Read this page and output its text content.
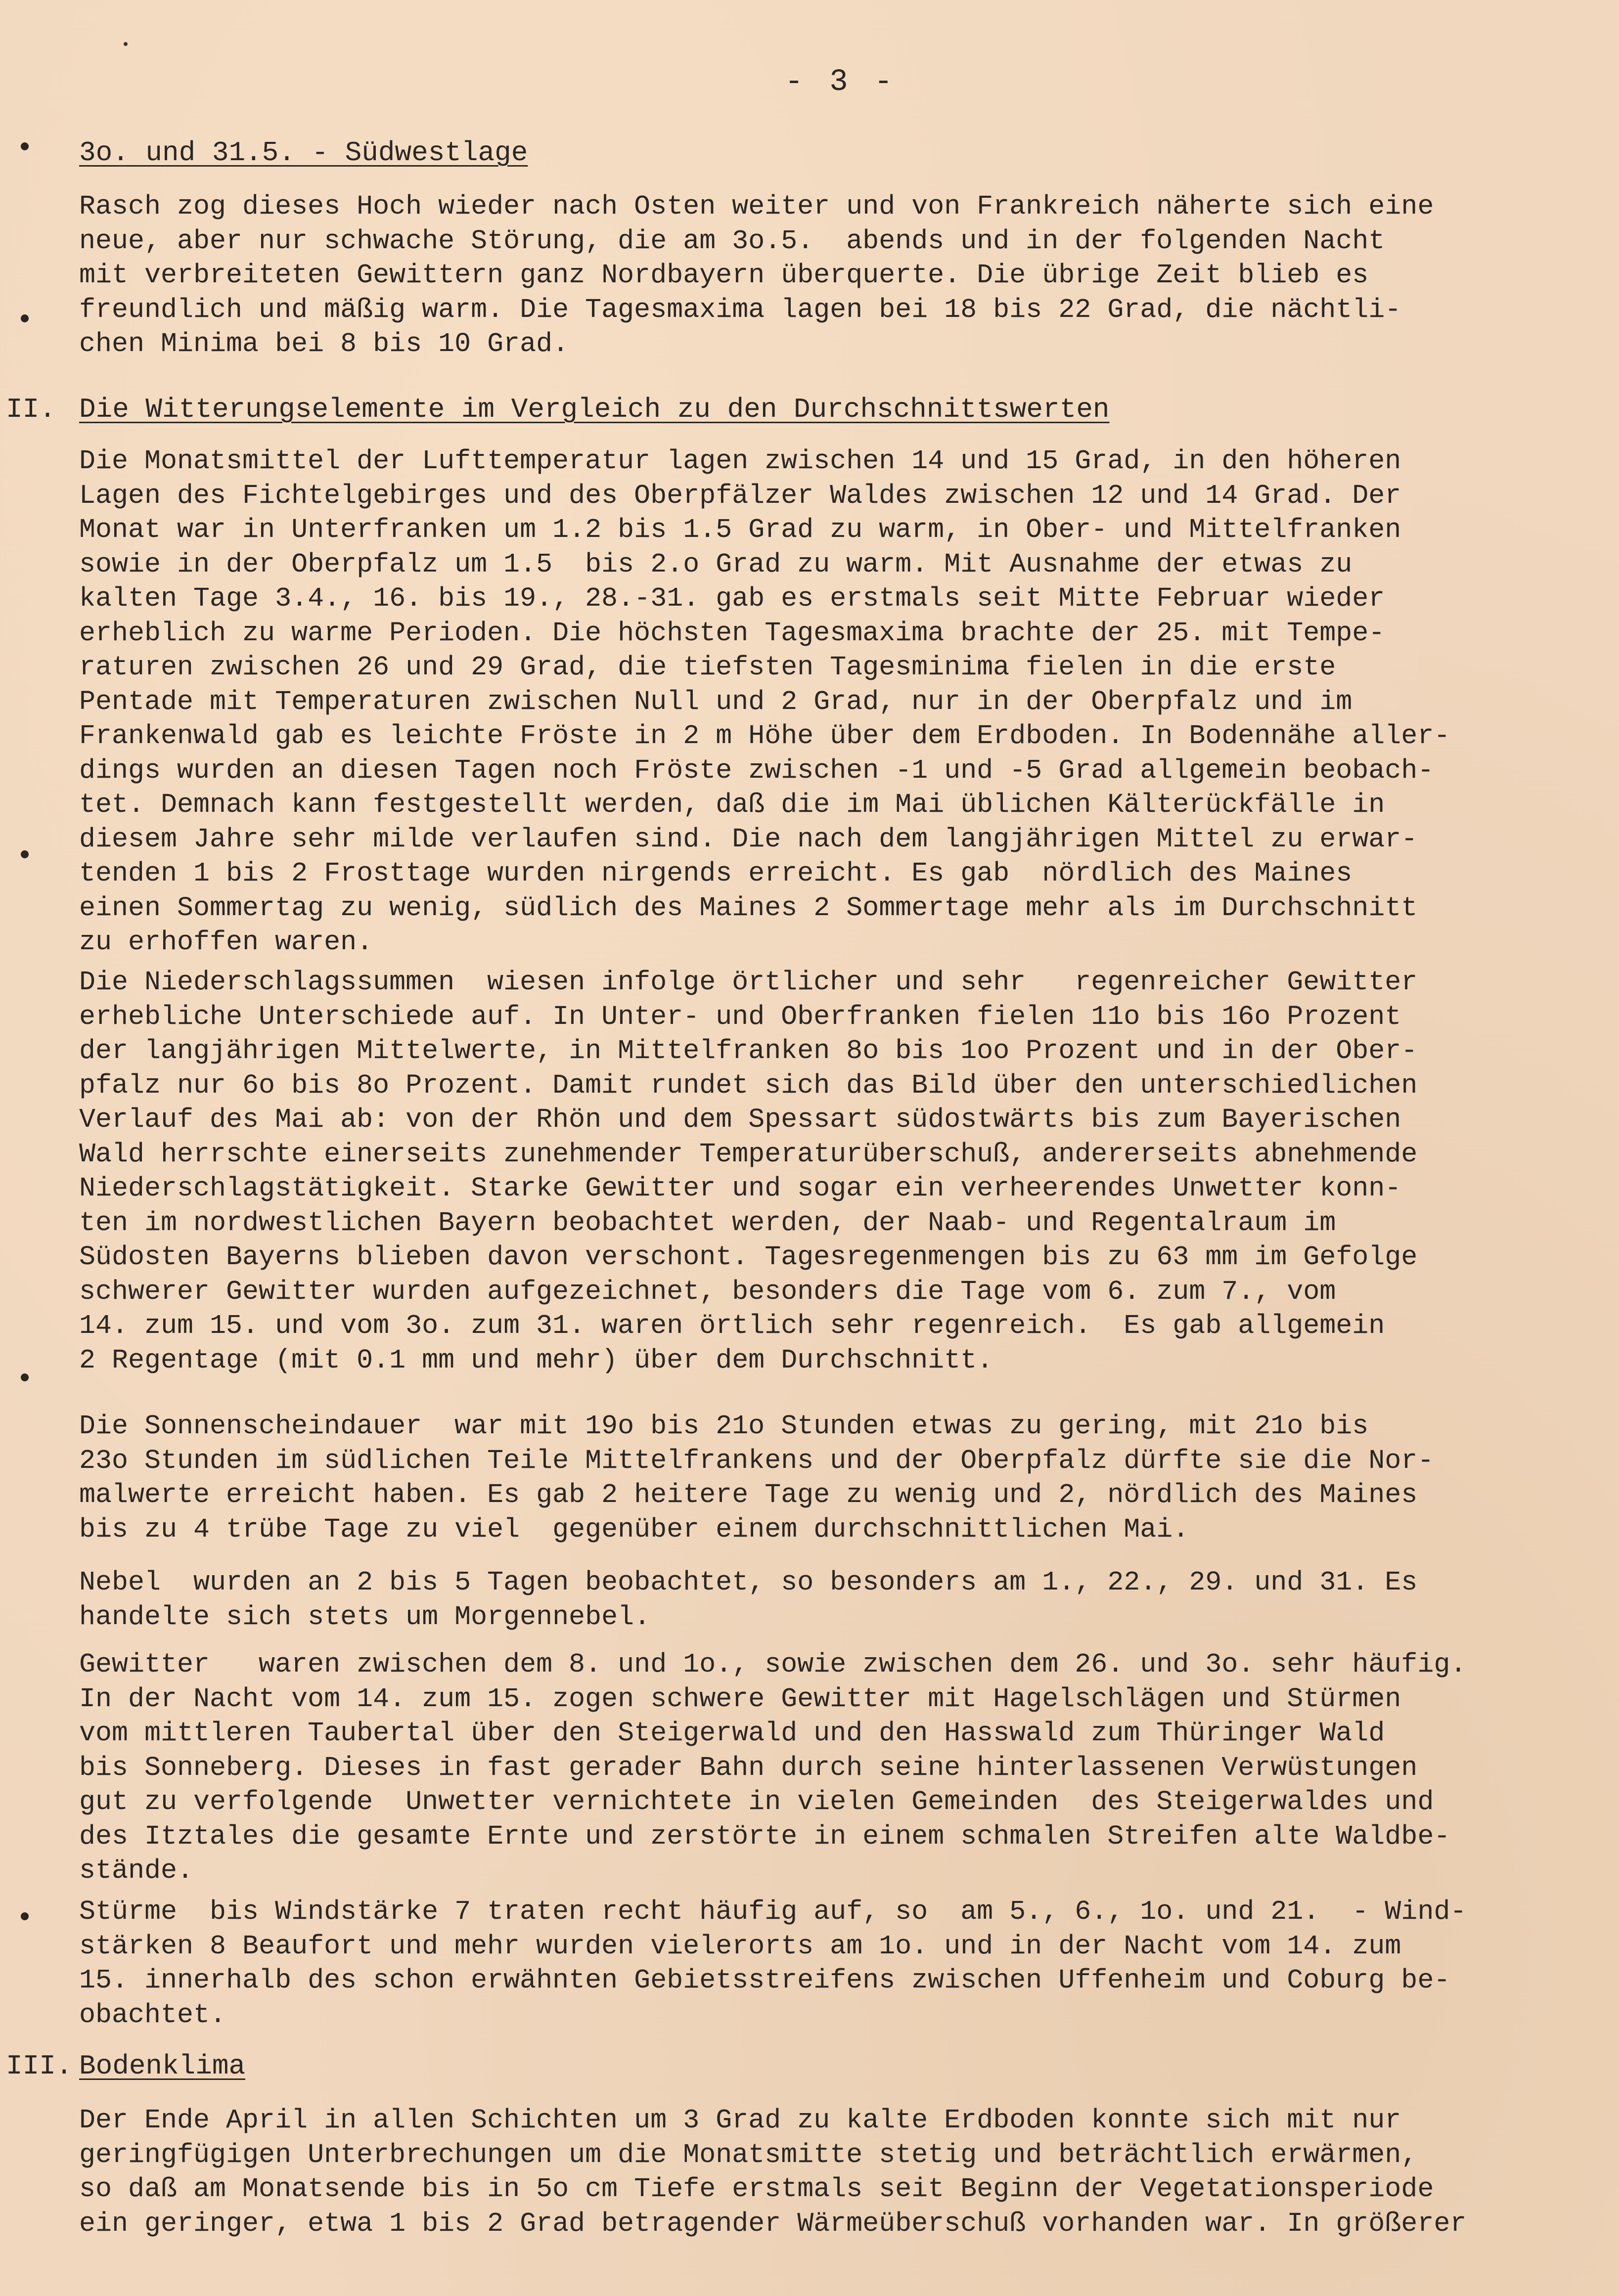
- 3 -
3o. und 31.5. - Südwestlage
Rasch zog dieses Hoch wieder nach Osten weiter und von Frankreich näherte sich eine
neue, aber nur schwache Störung, die am 3o.5.  abends und in der folgenden Nacht
mit verbreiteten Gewittern ganz Nordbayern überquerte. Die übrige Zeit blieb es
freundlich und mäßig warm. Die Tagesmaxima lagen bei 18 bis 22 Grad, die nächtli-
chen Minima bei 8 bis 10 Grad.
II. Die Witterungselemente im Vergleich zu den Durchschnittswerten
Die Monatsmittel der Lufttemperatur lagen zwischen 14 und 15 Grad, in den höheren
Lagen des Fichtelgebirges und des Oberpfälzer Waldes zwischen 12 und 14 Grad. Der
Monat war in Unterfranken um 1.2 bis 1.5 Grad zu warm, in Ober- und Mittelfranken
sowie in der Oberpfalz um 1.5  bis 2.o Grad zu warm. Mit Ausnahme der etwas zu
kalten Tage 3.4., 16. bis 19., 28.-31. gab es erstmals seit Mitte Februar wieder
erheblich zu warme Perioden. Die höchsten Tagesmaxima brachte der 25. mit Tempe-
raturen zwischen 26 und 29 Grad, die tiefsten Tagesminima fielen in die erste
Pentade mit Temperaturen zwischen Null und 2 Grad, nur in der Oberpfalz und im
Frankenwald gab es leichte Fröste in 2 m Höhe über dem Erdboden. In Bodennähe aller-
dings wurden an diesen Tagen noch Fröste zwischen -1 und -5 Grad allgemein beobach-
tet. Demnach kann festgestellt werden, daß die im Mai üblichen Kälterückfälle in
diesem Jahre sehr milde verlaufen sind. Die nach dem langjährigen Mittel zu erwar-
tenden 1 bis 2 Frosttage wurden nirgends erreicht. Es gab  nördlich des Maines
einen Sommertag zu wenig, südlich des Maines 2 Sommertage mehr als im Durchschnitt
zu erhoffen waren.
Die Niederschlagssummen  wiesen infolge örtlicher und sehr   regenreicher Gewitter
erhebliche Unterschiede auf. In Unter- und Oberfranken fielen 11o bis 16o Prozent
der langjährigen Mittelwerte, in Mittelfranken 8o bis 1oo Prozent und in der Ober-
pfalz nur 6o bis 8o Prozent. Damit rundet sich das Bild über den unterschiedlichen
Verlauf des Mai ab: von der Rhön und dem Spessart südostwärts bis zum Bayerischen
Wald herrschte einerseits zunehmender Temperaturüberschuß, andererseits abnehmende
Niederschlagstätigkeit. Starke Gewitter und sogar ein verheerendes Unwetter konn-
ten im nordwestlichen Bayern beobachtet werden, der Naab- und Regentalraum im
Südosten Bayerns blieben davon verschont. Tagesregenmengen bis zu 63 mm im Gefolge
schwerer Gewitter wurden aufgezeichnet, besonders die Tage vom 6. zum 7., vom
14. zum 15. und vom 3o. zum 31. waren örtlich sehr regenreich.  Es gab allgemein
2 Regentage (mit 0.1 mm und mehr) über dem Durchschnitt.
Die Sonnenscheindauer  war mit 19o bis 21o Stunden etwas zu gering, mit 21o bis
23o Stunden im südlichen Teile Mittelfrankens und der Oberpfalz dürfte sie die Nor-
malwerte erreicht haben. Es gab 2 heitere Tage zu wenig und 2, nördlich des Maines
bis zu 4 trübe Tage zu viel  gegenüber einem durchschnittlichen Mai.
Nebel  wurden an 2 bis 5 Tagen beobachtet, so besonders am 1., 22., 29. und 31. Es
handelte sich stets um Morgennebel.
Gewitter   waren zwischen dem 8. und 1o., sowie zwischen dem 26. und 3o. sehr häufig.
In der Nacht vom 14. zum 15. zogen schwere Gewitter mit Hagelschlägen und Stürmen
vom mittleren Taubertal über den Steigerwald und den Hasswald zum Thüringer Wald
bis Sonneberg. Dieses in fast gerader Bahn durch seine hinterlassenen Verwüstungen
gut zu verfolgende  Unwetter vernichtete in vielen Gemeinden  des Steigerwaldes und
des Itztales die gesamte Ernte und zerstörte in einem schmalen Streifen alte Waldbe-
stände.
Stürme  bis Windstärke 7 traten recht häufig auf, so  am 5., 6., 1o. und 21.  - Wind-
stärken 8 Beaufort und mehr wurden vielerorts am 1o. und in der Nacht vom 14. zum
15. innerhalb des schon erwähnten Gebietsstreifens zwischen Uffenheim und Coburg be-
obachtet.
III. Bodenklima
Der Ende April in allen Schichten um 3 Grad zu kalte Erdboden konnte sich mit nur
geringfügigen Unterbrechungen um die Monatsmitte stetig und beträchtlich erwärmen,
so daß am Monatsende bis in 5o cm Tiefe erstmals seit Beginn der Vegetationsperiode
ein geringer, etwa 1 bis 2 Grad betragender Wärmeüberschuß vorhanden war. In größerer
